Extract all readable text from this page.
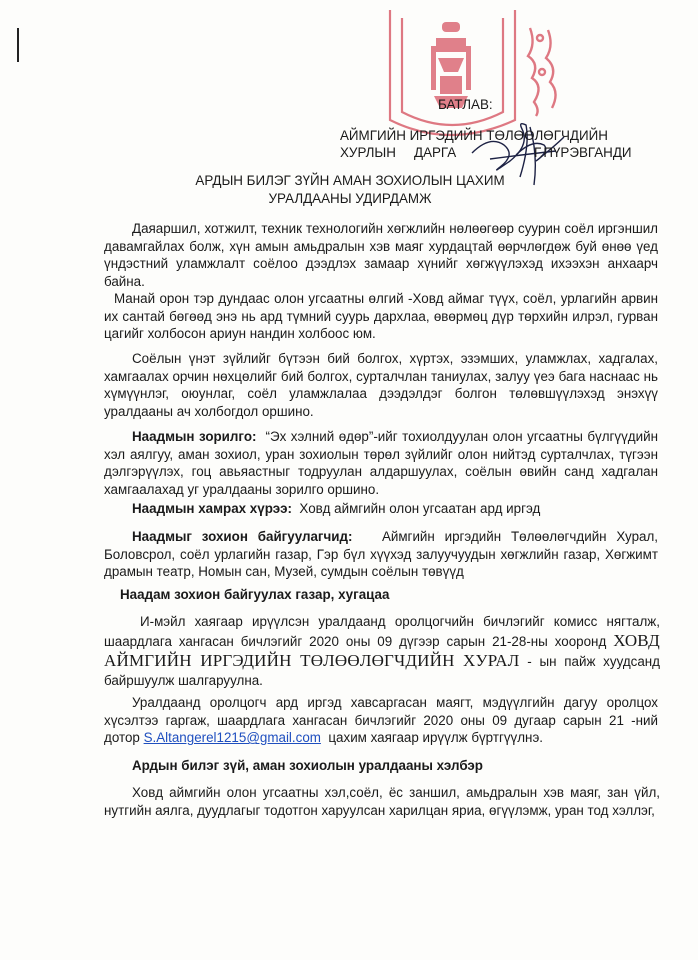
БАТЛАВ:
АЙМГИЙН ИРГЭДИЙН ТӨЛӨӨЛӨГЧДИЙН
ХУРЛЫН ДАРГА	Г.ПҮРЭВГАНДИ
АРДЫН БИЛЭГ ЗҮЙН АМАН ЗОХИОЛЫН ЦАХИМ
УРАЛДААНЫ УДИРДАМЖ
Даяаршил, хотжилт, техник технологийн хөгжлийн нөлөөгөөр суурин соёл иргэншил давамгайлах болж, хүн амын амьдралын хэв маяг хурдацтай өөрчлөгдөж буй өнөө үед үндэстний уламжлалт соёлоо дээдлэх замаар хүнийг хөгжүүлэхэд ихээхэн анхаарч байна.
Манай орон тэр дундаас олон угсаатны өлгий -Ховд аймаг түүх, соёл, урлагийн арвин их сантай бөгөөд энэ нь ард түмний суурь дархлаа, өвөрмөц дүр төрхийн илрэл, гурван цагийг холбосон ариун нандин холбоос юм.
Соёлын үнэт зүйлийг бүтээн бий болгох, хүртэх, эзэмших, уламжлах, хадгалах, хамгаалах орчин нөхцөлийг бий болгох, сурталчлан таниулах, залуу үеэ бага наснаас нь хүмүүнлэг, оюунлаг, соёл уламжлалаа дээдэлдэг болгон төлөвшүүлэхэд энэхүү уралдааны ач холбогдол оршино.
Наадмын зорилго: “Эх хэлний өдөр”-ийг тохиолдуулан олон угсаатны бүлгүүдийн хэл аялгуу, аман зохиол, уран зохиолын төрөл зүйлийг олон нийтэд сурталчлах, түгээн дэлгэрүүлэх, гоц авьяастныг тодруулан алдаршуулах, соёлын өвийн санд хадгалан хамгаалахад уг уралдааны зорилго оршино.
Наадмын хамрах хүрээ: Ховд аймгийн олон угсаатан ард иргэд
Наадмыг зохион байгуулагчид: Аймгийн иргэдийн Төлөөлөгчдийн Хурал, Боловсрол, соёл урлагийн газар, Гэр бүл хүүхэд залуучуудын хөгжлийн газар, Хөгжимт драмын театр, Номын сан, Музей, сумдын соёлын төвүүд
Наадам зохион байгуулах газар, хугацаа
И-мэйл хаягаар ирүүлсэн уралдаанд оролцогчийн бичлэгийг комисс нягталж, шаардлага хангасан бичлэгийг 2020 оны 09 дүгээр сарын 21-28-ны хооронд ХОВД АЙМГИЙН ИРГЭДИЙН ТӨЛӨӨЛӨГЧДИЙН ХУРАЛ - ын пайж хуудсанд байршуулж шалгаруулна.
Уралдаанд оролцогч ард иргэд хавсаргасан маягт, мэдүүлгийн дагуу оролцох хүсэлтээ гаргаж, шаардлага хангасан бичлэгийг 2020 оны 09 дугаар сарын 21 -ний дотор S.Altangerel1215@gmail.com цахим хаягаар ирүүлж бүртгүүлнэ.
Ардын билэг зүй, аман зохиолын уралдааны хэлбэр
Ховд аймгийн олон угсаатны хэл,соёл, ёс заншил, амьдралын хэв маяг, зан үйл, нутгийн аялга, дуудлагыг тодотгон харуулсан харилцан яриа, өгүүлэмж, уран тод хэллэг,
